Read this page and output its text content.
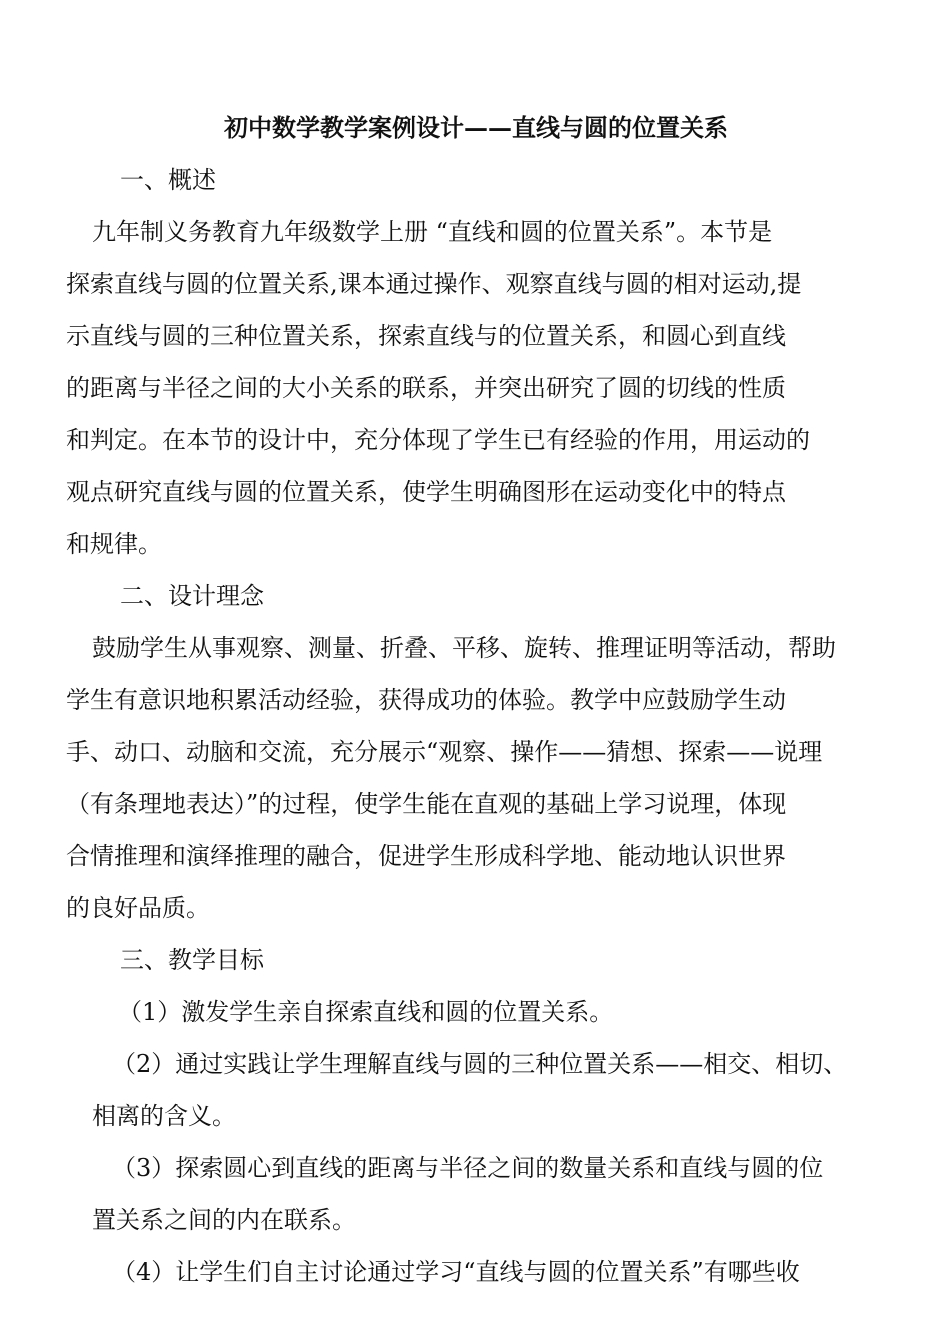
初中数学教学案例设计——直线与圆的位置关系
一、概述
九年制义务教育九年级数学上册 “直线和圆的位置关系”。本节是
探索直线与圆的位置关系,课本通过操作、观察直线与圆的相对运动,提
示直线与圆的三种位置关系，探索直线与的位置关系，和圆心到直线
的距离与半径之间的大小关系的联系，并突出研究了圆的切线的性质
和判定。在本节的设计中，充分体现了学生已有经验的作用，用运动的
观点研究直线与圆的位置关系，使学生明确图形在运动变化中的特点
和规律。
二、设计理念
鼓励学生从事观察、测量、折叠、平移、旋转、推理证明等活动，帮助
学生有意识地积累活动经验，获得成功的体验。教学中应鼓励学生动
手、动口、动脑和交流，充分展示“观察、操作——猜想、探索——说理
（有条理地表达）”的过程，使学生能在直观的基础上学习说理，体现
合情推理和演绎推理的融合，促进学生形成科学地、能动地认识世界
的良好品质。
三、教学目标
（1）激发学生亲自探索直线和圆的位置关系。
（2）通过实践让学生理解直线与圆的三种位置关系——相交、相切、
相离的含义。
（3）探索圆心到直线的距离与半径之间的数量关系和直线与圆的位
置关系之间的内在联系。
（4）让学生们自主讨论通过学习“直线与圆的位置关系”有哪些收
